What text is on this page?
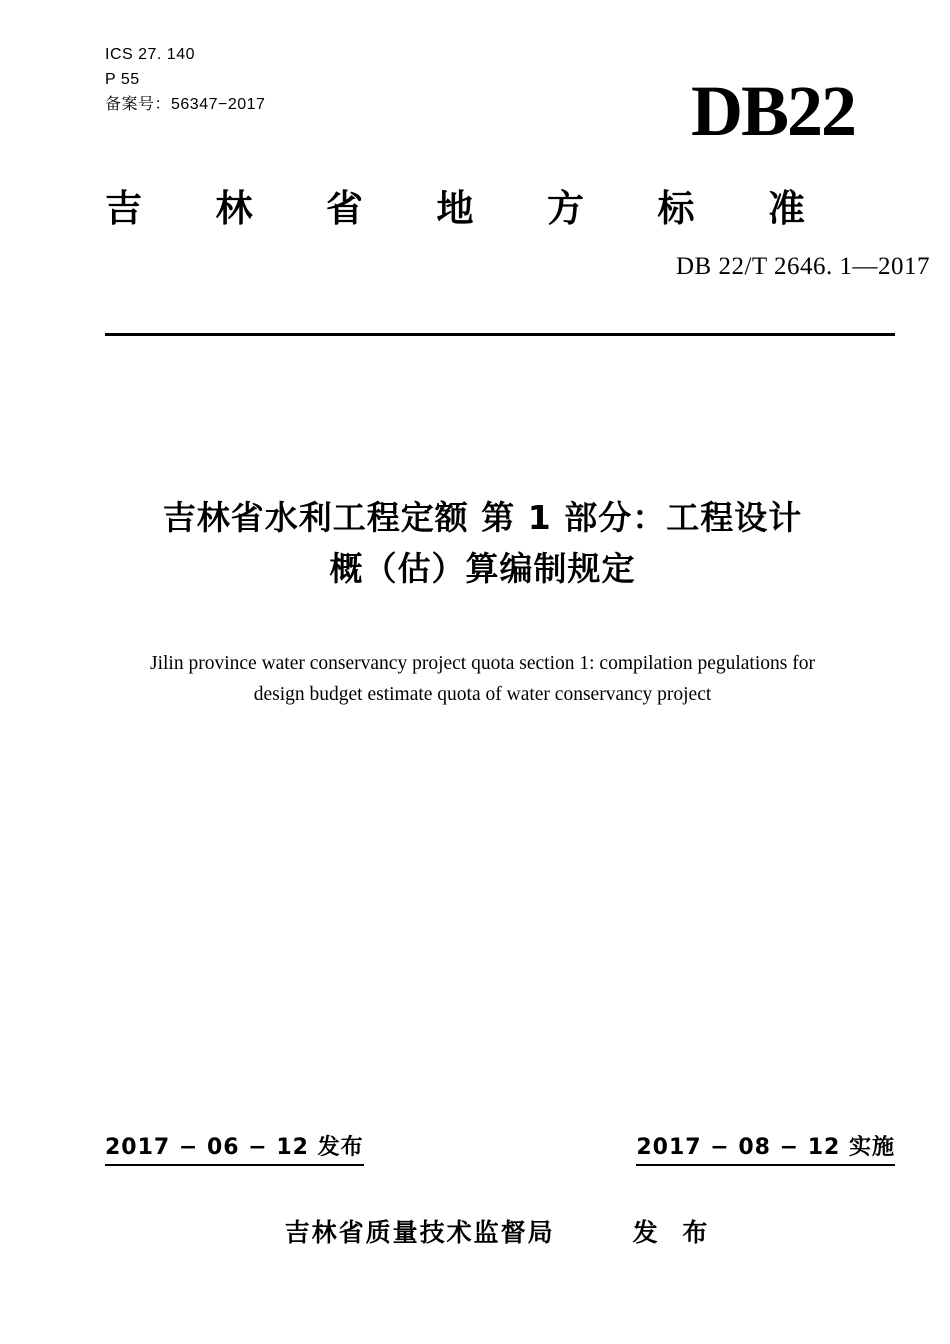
ICS 27. 140
P 55
备案号：56347−2017	DB22
吉 林 省 地 方 标 准
DB 22/T 2646. 1—2017
吉林省水利工程定额 第 1 部分：工程设计
概（估）算编制规定
Jilin province water conservancy project quota section 1: compilation pegulations for
design budget estimate quota of water conservancy project
2017 − 06 − 12 发布	2017 − 08 − 12 实施
吉林省质量技术监督局	发 布
